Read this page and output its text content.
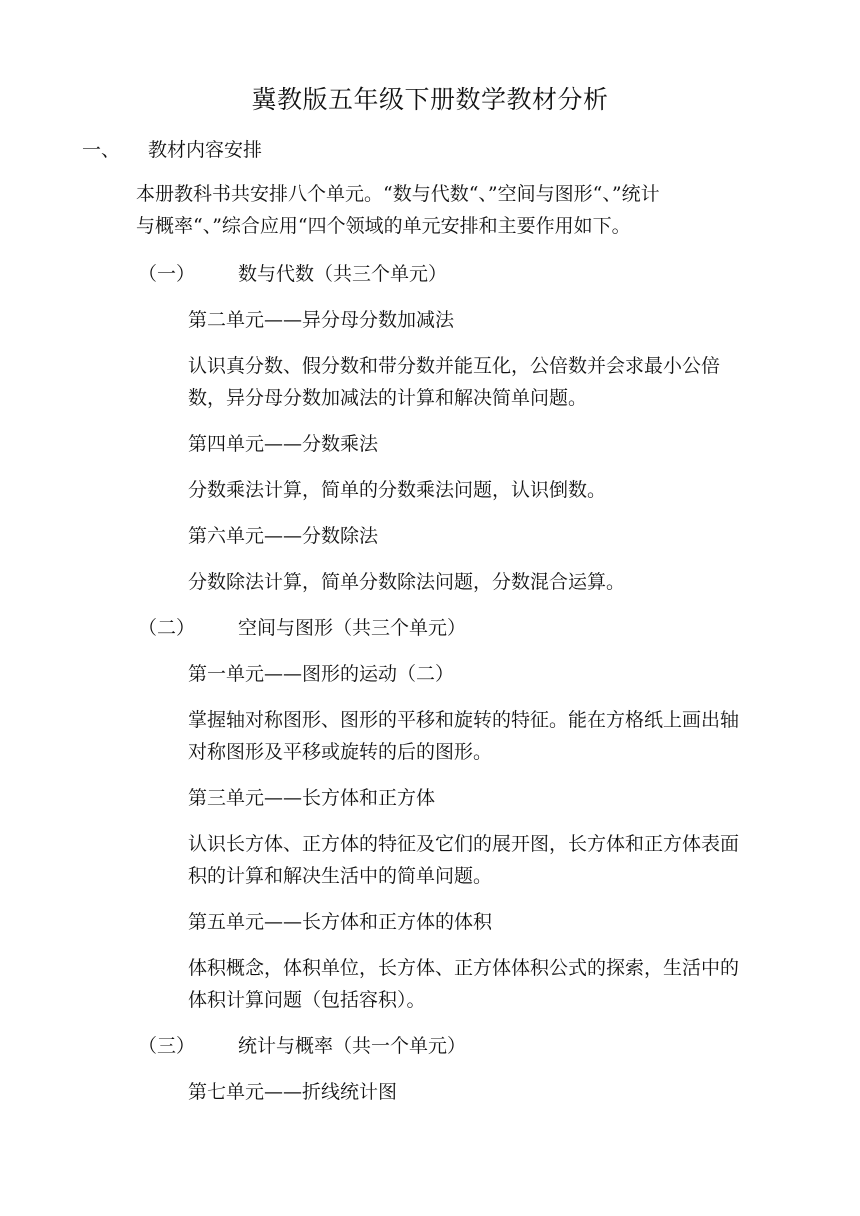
冀教版五年级下册数学教材分析
一、 教材内容安排
本册教科书共安排八个单元。“数与代数“、”空间与图形“、”统计
与概率“、”综合应用“四个领域的单元安排和主要作用如下。
（一） 数与代数（共三个单元）
第二单元——异分母分数加减法
认识真分数、假分数和带分数并能互化，公倍数并会求最小公倍
数，异分母分数加减法的计算和解决简单问题。
第四单元——分数乘法
分数乘法计算，简单的分数乘法问题，认识倒数。
第六单元——分数除法
分数除法计算，简单分数除法问题，分数混合运算。
（二） 空间与图形（共三个单元）
第一单元——图形的运动（二）
掌握轴对称图形、图形的平移和旋转的特征。能在方格纸上画出轴
对称图形及平移或旋转的后的图形。
第三单元——长方体和正方体
认识长方体、正方体的特征及它们的展开图，长方体和正方体表面
积的计算和解决生活中的简单问题。
第五单元——长方体和正方体的体积
体积概念，体积单位，长方体、正方体体积公式的探索，生活中的
体积计算问题（包括容积）。
（三） 统计与概率（共一个单元）
第七单元——折线统计图
